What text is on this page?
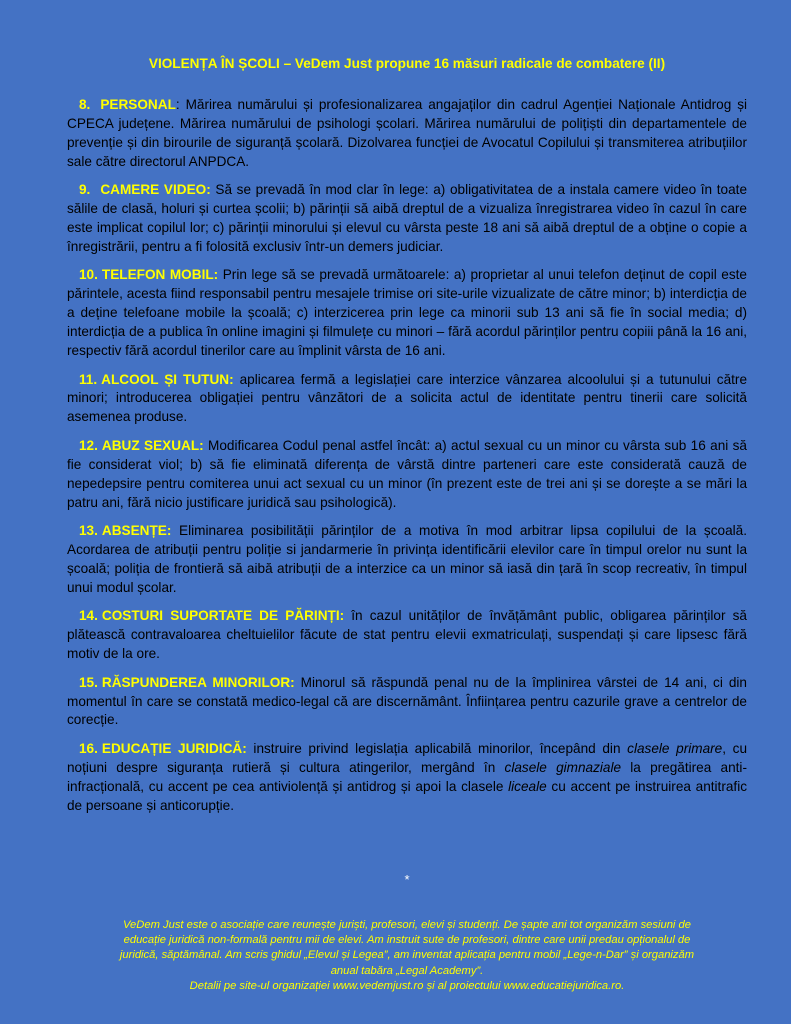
VIOLENȚA ÎN ȘCOLI – VeDem Just propune 16 măsuri radicale de combatere (II)

8. PERSONAL: Mărirea numărului și profesionalizarea angajaților din cadrul Agenției Naționale Antidrog și CPECA județene. Mărirea numărului de psihologi școlari. Mărirea numărului de polițiști din departamentele de prevenție și din birourile de siguranță școlară. Dizolvarea funcției de Avocatul Copilului și transmiterea atribuțiilor sale către directorul ANPDCA.

9. CAMERE VIDEO: Să se prevadă în mod clar în lege: a) obligativitatea de a instala camere video în toate sălile de clasă, holuri și curtea școlii; b) părinții să aibă dreptul de a vizualiza înregistrarea video în cazul în care este implicat copilul lor; c) părinții minorului și elevul cu vârsta peste 18 ani să aibă dreptul de a obține o copie a înregistrării, pentru a fi folosită exclusiv într-un demers judiciar.

10. TELEFON MOBIL: Prin lege să se prevadă următoarele: a) proprietar al unui telefon deținut de copil este părintele, acesta fiind responsabil pentru mesajele trimise ori site-urile vizualizate de către minor; b) interdicția de a deține telefoane mobile la școală; c) interzicerea prin lege ca minorii sub 13 ani să fie în social media; d) interdicția de a publica în online imagini și filmulețe cu minori – fără acordul părinților pentru copiii până la 16 ani, respectiv fără acordul tinerilor care au împlinit vârsta de 16 ani.

11. ALCOOL ȘI TUTUN: aplicarea fermă a legislației care interzice vânzarea alcoolului și a tutunului către minori; introducerea obligației pentru vânzători de a solicita actul de identitate pentru tinerii care solicită asemenea produse.

12. ABUZ SEXUAL: Modificarea Codul penal astfel încât: a) actul sexual cu un minor cu vârsta sub 16 ani să fie considerat viol; b) să fie eliminată diferența de vârstă dintre parteneri care este considerată cauză de nepedepsire pentru comiterea unui act sexual cu un minor (în prezent este de trei ani și se dorește a se mări la patru ani, fără nicio justificare juridică sau psihologică).

13. ABSENȚE: Eliminarea posibilității părinților de a motiva în mod arbitrar lipsa copilului de la școală. Acordarea de atribuții pentru poliție si jandarmerie în privința identificării elevilor care în timpul orelor nu sunt la școală; poliția de frontieră să aibă atribuții de a interzice ca un minor să iasă din țară în scop recreativ, în timpul unui modul școlar.

14. COSTURI SUPORTATE DE PĂRINȚI: în cazul unităților de învățământ public, obligarea părinților să plătească contravaloarea cheltuielilor făcute de stat pentru elevii exmatriculați, suspendați și care lipsesc fără motiv de la ore.

15. RĂSPUNDEREA MINORILOR: Minorul să răspundă penal nu de la împlinirea vârstei de 14 ani, ci din momentul în care se constată medico-legal că are discernământ. Înființarea pentru cazurile grave a centrelor de corecție.

16. EDUCAȚIE JURIDICĂ: instruire privind legislația aplicabilă minorilor, începând din clasele primare, cu noțiuni despre siguranța rutieră și cultura atingerilor, mergând în clasele gimnaziale la pregătirea anti-infracțională, cu accent pe cea antiviolență și antidrog și apoi la clasele liceale cu accent pe instruirea antitrafic de persoane și anticorupție.

*
VeDem Just este o asociație care reunește juriști, profesori, elevi și studenți. De șapte ani tot organizăm sesiuni de
educație juridică non-formală pentru mii de elevi. Am instruit sute de profesori, dintre care unii predau opționalul de
juridică, săptămânal. Am scris ghidul „Elevul și Legea”, am inventat aplicația pentru mobil „Lege-n-Dar” și organizăm
anual tabăra „Legal Academy”.
Detalii pe site-ul organizației www.vedemjust.ro și al proiectului www.educatiejuridica.ro.
